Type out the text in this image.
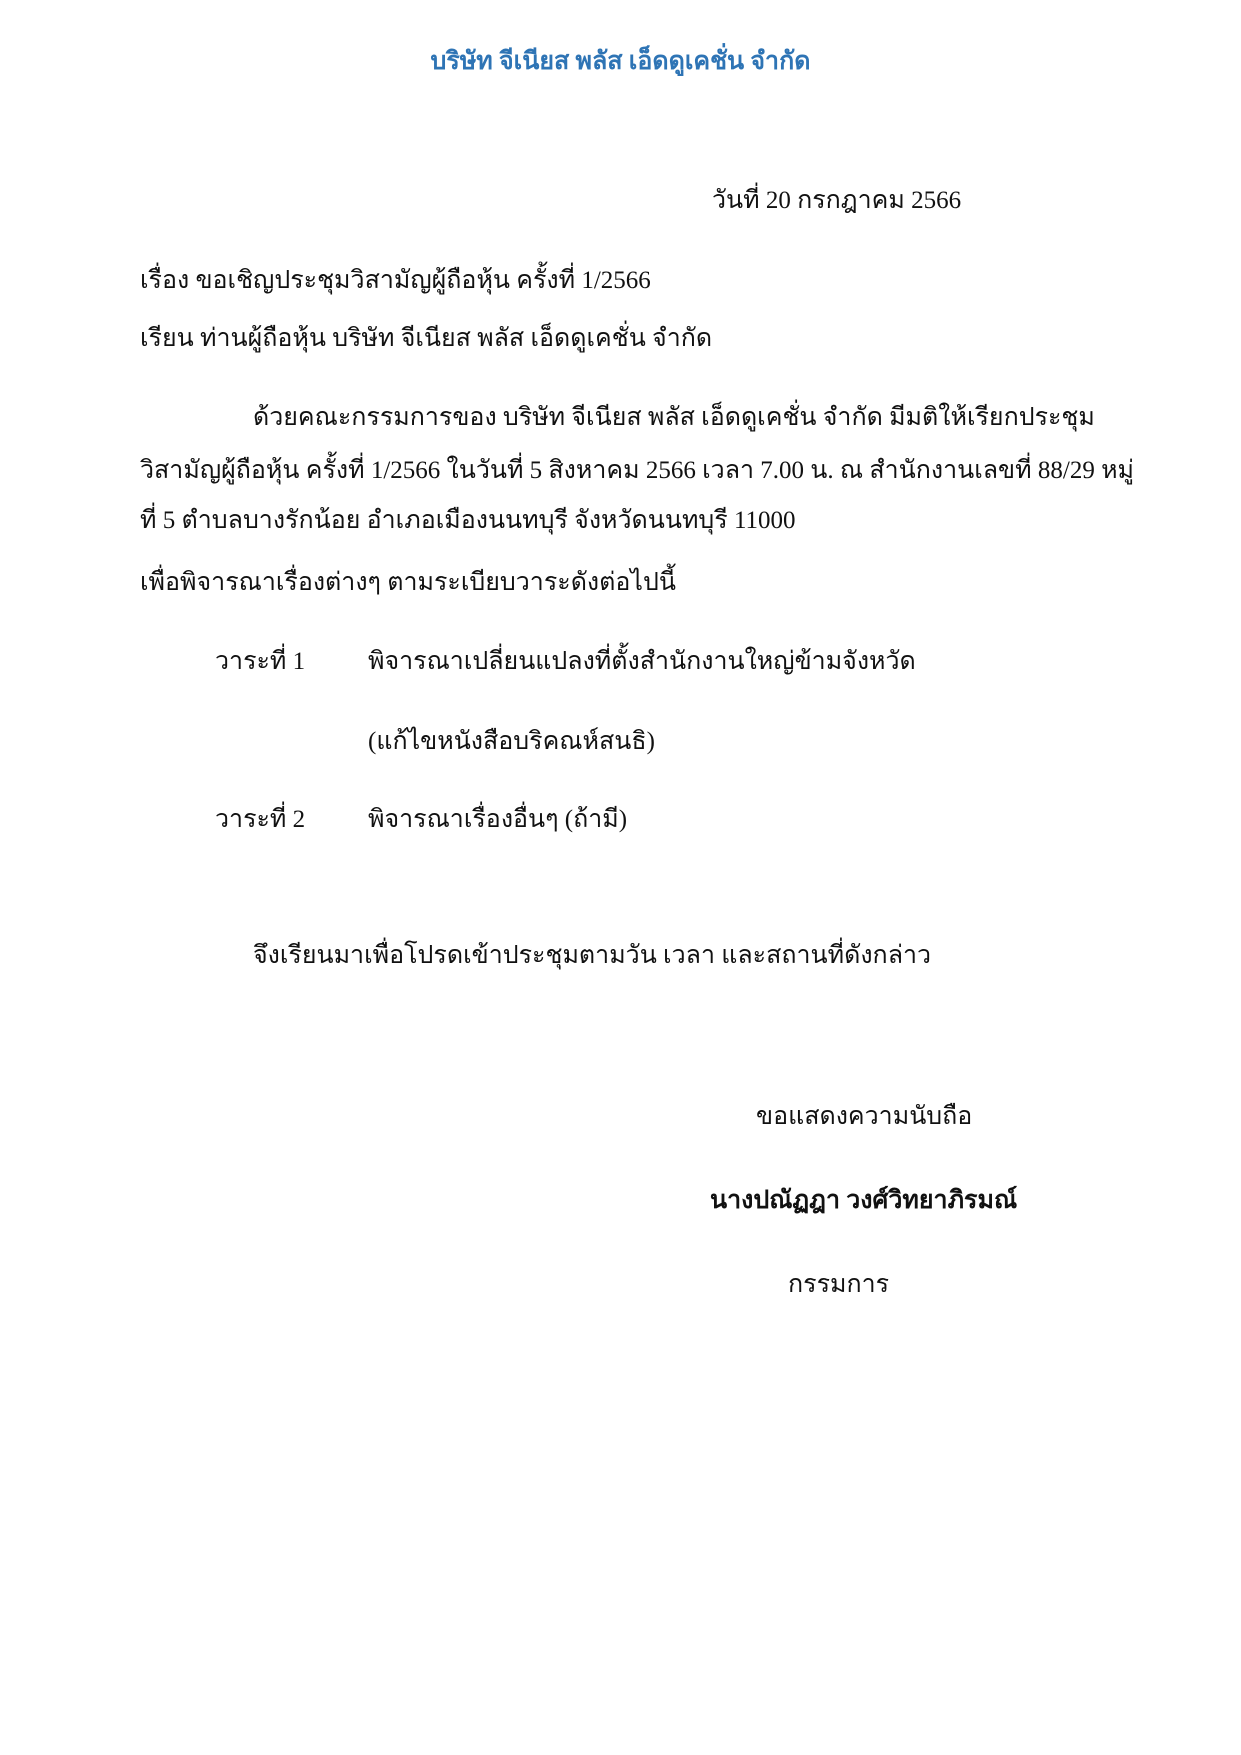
บริษัท จีเนียส พลัส เอ็ดดูเคชั่น จำกัด
วันที่ 20 กรกฎาคม 2566
เรื่อง ขอเชิญประชุมวิสามัญผู้ถือหุ้น ครั้งที่ 1/2566
เรียน ท่านผู้ถือหุ้น บริษัท จีเนียส พลัส เอ็ดดูเคชั่น จำกัด
ด้วยคณะกรรมการของ บริษัท จีเนียส พลัส เอ็ดดูเคชั่น จำกัด มีมติให้เรียกประชุม
วิสามัญผู้ถือหุ้น ครั้งที่ 1/2566 ในวันที่ 5 สิงหาคม 2566 เวลา 7.00 น. ณ สำนักงานเลขที่ 88/29 หมู่
ที่ 5 ตำบลบางรักน้อย อำเภอเมืองนนทบุรี จังหวัดนนทบุรี 11000
เพื่อพิจารณาเรื่องต่างๆ ตามระเบียบวาระดังต่อไปนี้
วาระที่ 1	พิจารณาเปลี่ยนแปลงที่ตั้งสำนักงานใหญ่ข้ามจังหวัด
(แก้ไขหนังสือบริคณห์สนธิ)
วาระที่ 2	พิจารณาเรื่องอื่นๆ (ถ้ามี)
จึงเรียนมาเพื่อโปรดเข้าประชุมตามวัน เวลา และสถานที่ดังกล่าว
ขอแสดงความนับถือ
นางปณัฏฎา วงศ์วิทยาภิรมณ์
กรรมการ
